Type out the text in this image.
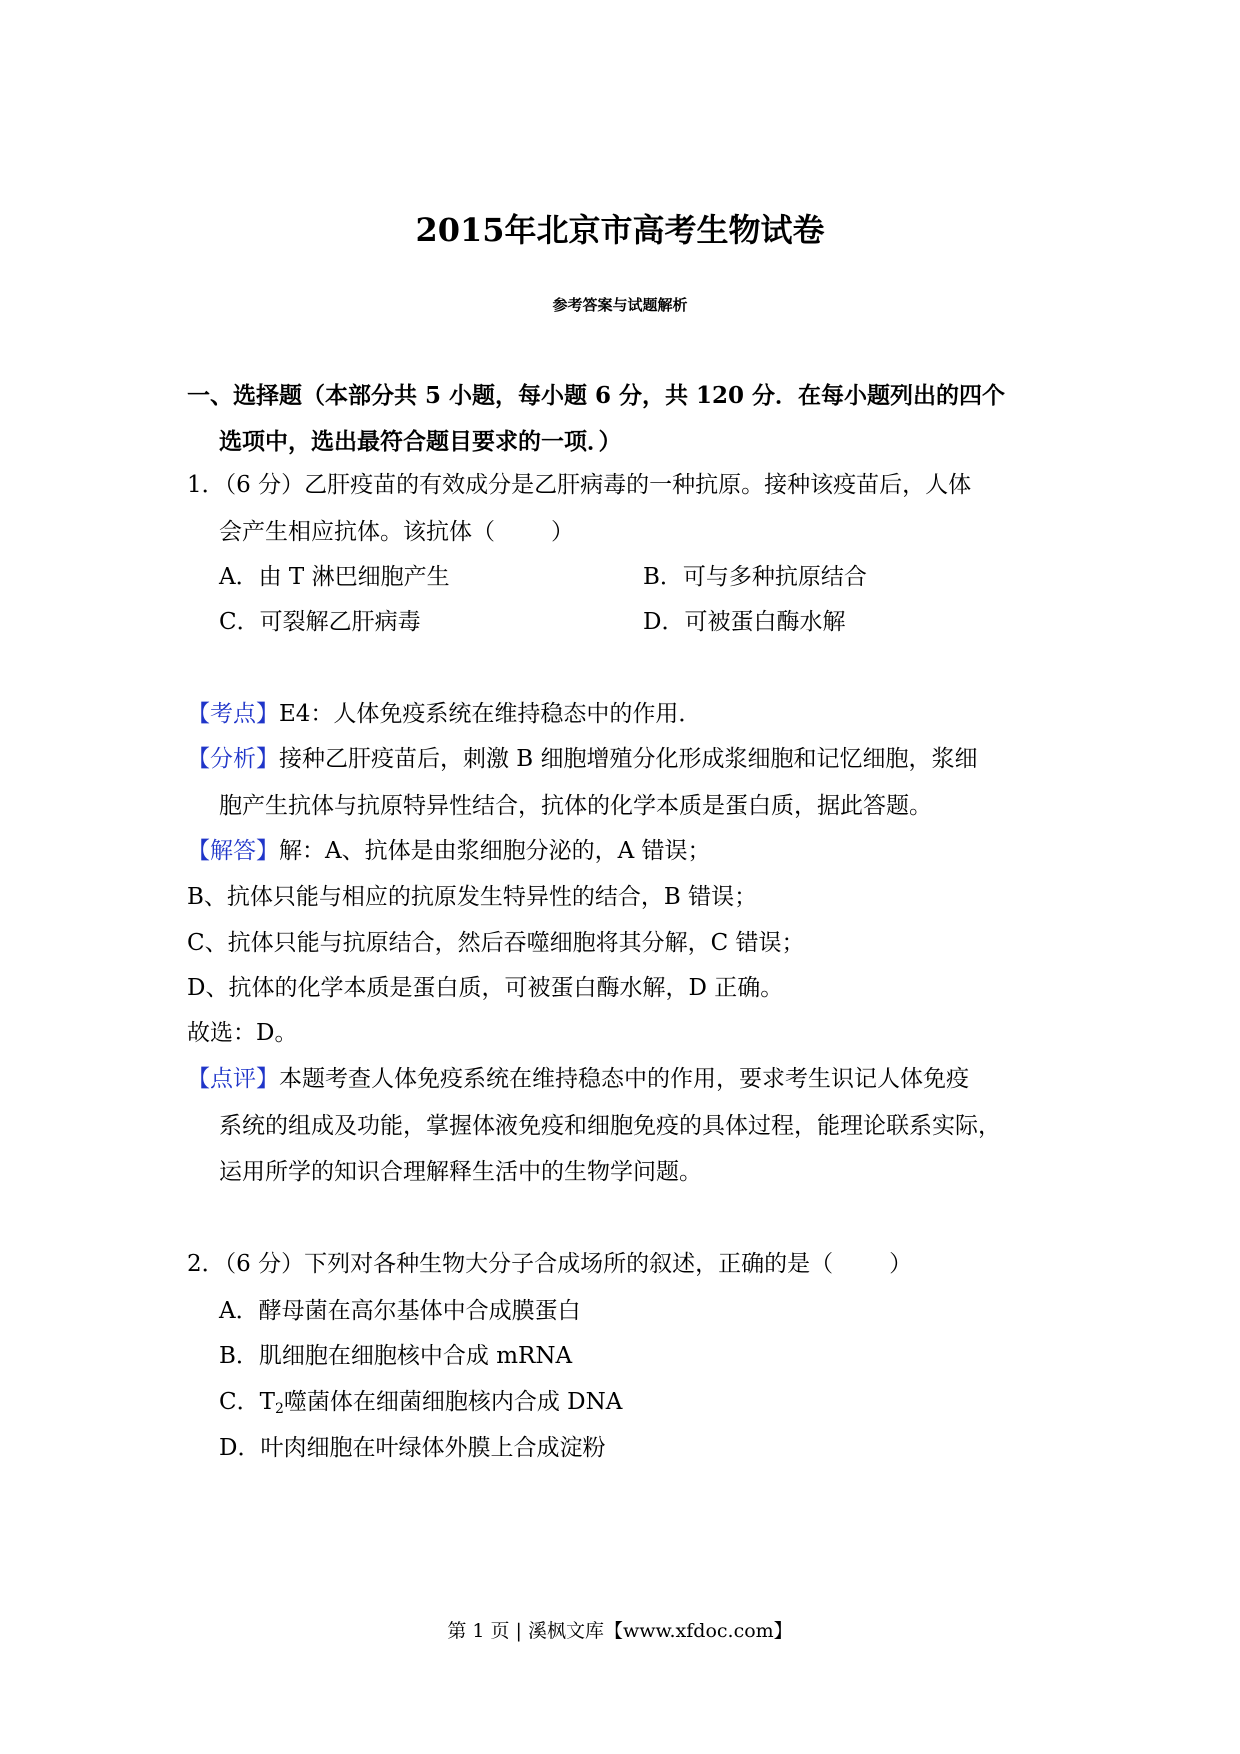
2015年北京市高考生物试卷
参考答案与试题解析
一、选择题（本部分共 5 小题，每小题 6 分，共 120 分．在每小题列出的四个
选项中，选出最符合题目要求的一项．）
1．（6 分）乙肝疫苗的有效成分是乙肝病毒的一种抗原。接种该疫苗后，人体
会产生相应抗体。该抗体（ ）
A．由 T 淋巴细胞产生	B．可与多种抗原结合
C．可裂解乙肝病毒	D．可被蛋白酶水解
【考点】E4：人体免疫系统在维持稳态中的作用．
【分析】接种乙肝疫苗后，刺激 B 细胞增殖分化形成浆细胞和记忆细胞，浆细
胞产生抗体与抗原特异性结合，抗体的化学本质是蛋白质，据此答题。
【解答】解：A、抗体是由浆细胞分泌的，A 错误；
B、抗体只能与相应的抗原发生特异性的结合，B 错误；
C、抗体只能与抗原结合，然后吞噬细胞将其分解，C 错误；
D、抗体的化学本质是蛋白质，可被蛋白酶水解，D 正确。
故选：D。
【点评】本题考查人体免疫系统在维持稳态中的作用，要求考生识记人体免疫
系统的组成及功能，掌握体液免疫和细胞免疫的具体过程，能理论联系实际，
运用所学的知识合理解释生活中的生物学问题。
2．（6 分）下列对各种生物大分子合成场所的叙述，正确的是（ ）
A．酵母菌在高尔基体中合成膜蛋白
B．肌细胞在细胞核中合成 mRNA
C．$T_2$噬菌体在细菌细胞核内合成 DNA
D．叶肉细胞在叶绿体外膜上合成淀粉
第 1 页 | 溪枫文库【www.xfdoc.com】
